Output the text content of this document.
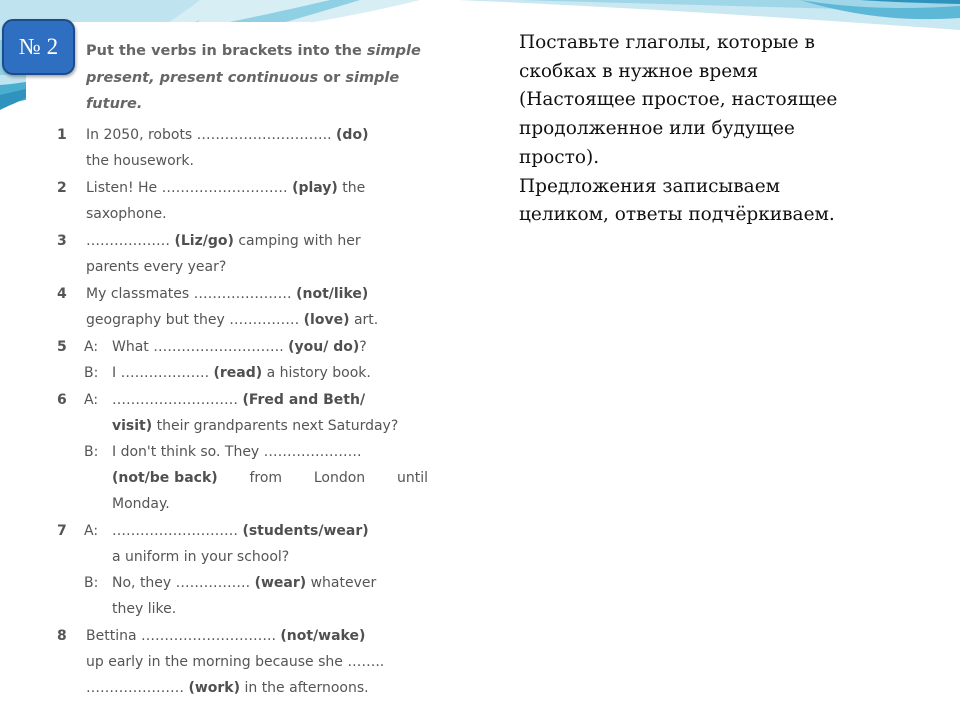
Put the verbs in brackets into the simple
present, present continuous or simple
future.

1	In 2050, robots ……………………….. (do)
the housework.
2	Listen! He ……………………… (play) the
saxophone.
3	……………… (Liz/go) camping with her
parents every year?
4	My classmates ………………… (not/like)
geography but they …………… (love) art.
5	A: What ………………………. (you/ do)?
B: I ………………. (read) a history book.
6	A: ……………………… (Fred and Beth/
visit) their grandparents next Saturday?
B: I don't think so. They …………………
(not/be back) from London until
Monday.
7	A: ……………………… (students/wear)
a uniform in your school?
B: No, they ……………. (wear) whatever
they like.
8	Bettina ……………………….. (not/wake)
up early in the morning because she ……..
………………… (work) in the afternoons.
№ 2	Поставьте глаголы, которые в
скобках в нужное время
(Настоящее простое, настоящее
продолженное или будущее
просто).
Предложения записываем
целиком, ответы подчёркиваем.
